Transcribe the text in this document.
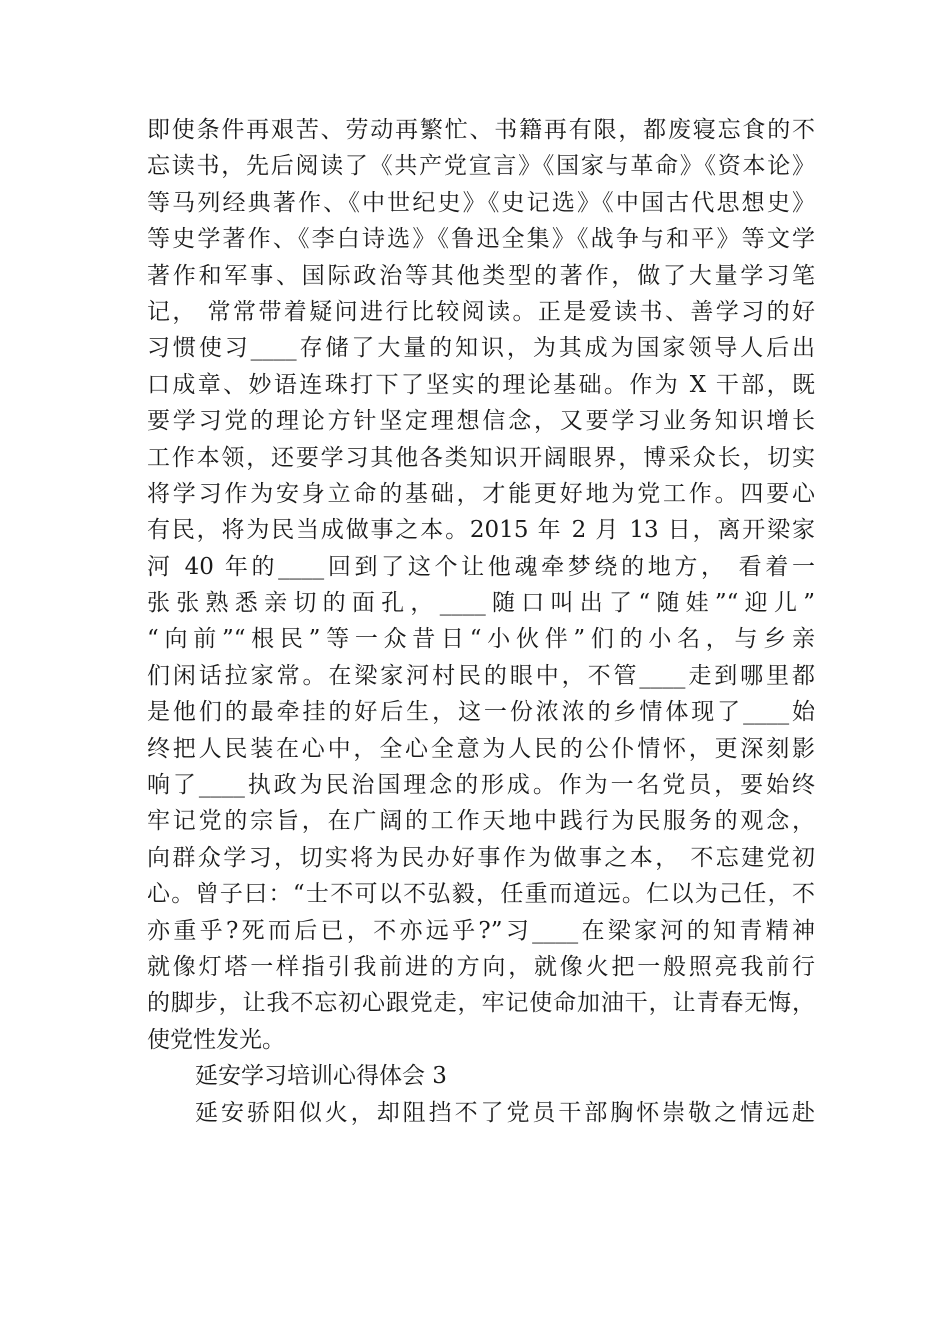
即使条件再艰苦、劳动再繁忙、书籍再有限，都废寝忘食的不
忘读书，先后阅读了《共产党宣言》《国家与革命》《资本论》
等马列经典著作、《中世纪史》《史记选》《中国古代思想史》
等史学著作、《李白诗选》《鲁迅全集》《战争与和平》等文学
著作和军事、国际政治等其他类型的著作，做了大量学习笔
记， 常常带着疑问进行比较阅读。正是爱读书、善学习的好
习惯使习____存储了大量的知识，为其成为国家领导人后出
口成章、妙语连珠打下了坚实的理论基础。作为 X 干部，既
要学习党的理论方针坚定理想信念，又要学习业务知识增长
工作本领，还要学习其他各类知识开阔眼界，博采众长，切实
将学习作为安身立命的基础，才能更好地为党工作。四要心
有民，将为民当成做事之本。2015 年 2 月 13 日，离开梁家
河 40 年的____回到了这个让他魂牵梦绕的地方， 看着一
张张熟悉亲切的面孔，____随口叫出了“随娃”“迎儿”
“向前”“根民”等一众昔日“小伙伴”们的小名，与乡亲
们闲话拉家常。在梁家河村民的眼中，不管____走到哪里都
是他们的最牵挂的好后生，这一份浓浓的乡情体现了____始
终把人民装在心中，全心全意为人民的公仆情怀，更深刻影
响了____执政为民治国理念的形成。作为一名党员，要始终
牢记党的宗旨，在广阔的工作天地中践行为民服务的观念，
向群众学习，切实将为民办好事作为做事之本， 不忘建党初
心。曾子曰：“士不可以不弘毅，任重而道远。仁以为己任，不
亦重乎?死而后已，不亦远乎?”习____在梁家河的知青精神
就像灯塔一样指引我前进的方向，就像火把一般照亮我前行
的脚步，让我不忘初心跟党走，牢记使命加油干，让青春无悔，
使党性发光。
延安学习培训心得体会 3
延安骄阳似火，却阻挡不了党员干部胸怀崇敬之情远赴
